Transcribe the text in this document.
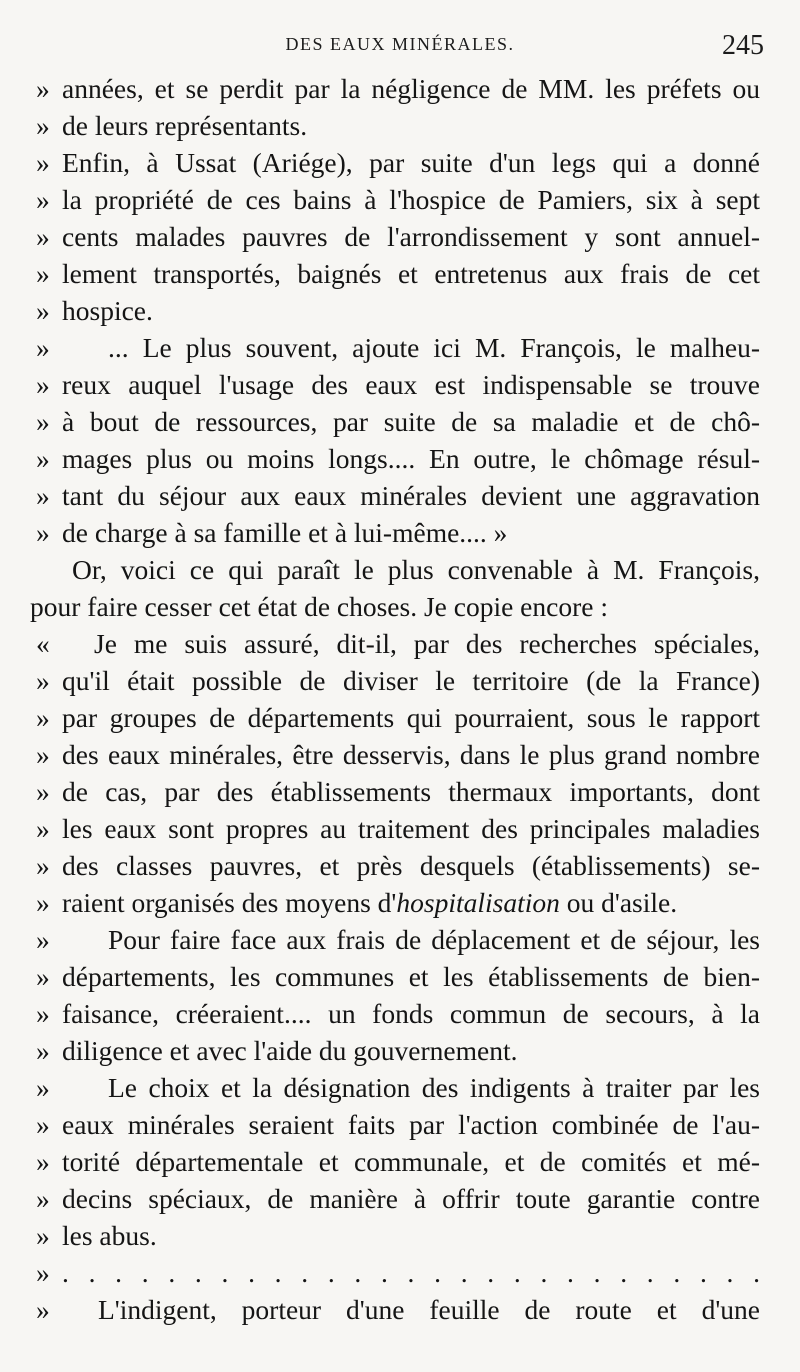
DES EAUX MINÉRALES.	245
» années, et se perdit par la négligence de MM. les préfets ou
» de leurs représentants.
» Enfin, à Ussat (Ariége), par suite d'un legs qui a donné
» la propriété de ces bains à l'hospice de Pamiers, six à sept
» cents malades pauvres de l'arrondissement y sont annuel-
» lement transportés, baignés et entretenus aux frais de cet
» hospice.
» ... Le plus souvent, ajoute ici M. François, le malheu-
» reux auquel l'usage des eaux est indispensable se trouve
» à bout de ressources, par suite de sa maladie et de chô-
» mages plus ou moins longs.... En outre, le chômage résul-
» tant du séjour aux eaux minérales devient une aggravation
» de charge à sa famille et à lui-même.... »
Or, voici ce qui paraît le plus convenable à M. François,
pour faire cesser cet état de choses. Je copie encore :
« Je me suis assuré, dit-il, par des recherches spéciales,
» qu'il était possible de diviser le territoire (de la France)
» par groupes de départements qui pourraient, sous le rapport
» des eaux minérales, être desservis, dans le plus grand nombre
» de cas, par des établissements thermaux importants, dont
» les eaux sont propres au traitement des principales maladies
» des classes pauvres, et près desquels (établissements) se-
» raient organisés des moyens d'hospitalisation ou d'asile.
» Pour faire face aux frais de déplacement et de séjour, les
» départements, les communes et les établissements de bien-
» faisance, créeraient.... un fonds commun de secours, à la
» diligence et avec l'aide du gouvernement.
» Le choix et la désignation des indigents à traiter par les
» eaux minérales seraient faits par l'action combinée de l'au-
» torité départementale et communale, et de comités et mé-
» decins spéciaux, de manière à offrir toute garantie contre
» les abus.
» . . . . . . . . . . . . . . . . . . . . . . . . . . .
» L'indigent, porteur d'une feuille de route et d'une
